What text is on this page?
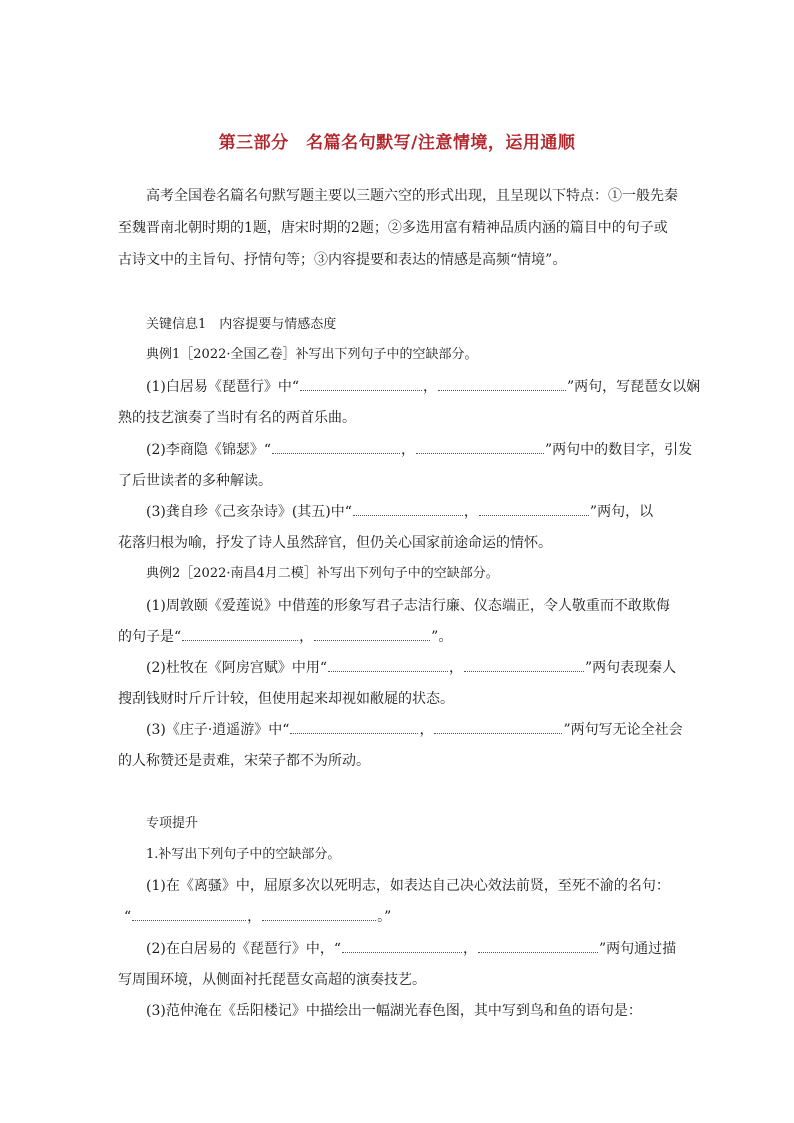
第三部分　名篇名句默写/注意情境，运用通顺
高考全国卷名篇名句默写题主要以三题六空的形式出现，且呈现以下特点：①一般先秦
至魏晋南北朝时期的1题，唐宋时期的2题；②多选用富有精神品质内涵的篇目中的句子或
古诗文中的主旨句、抒情句等；③内容提要和表达的情感是高频“情境”。
关键信息1　内容提要与情感态度
典例1［2022·全国乙卷］补写出下列句子中的空缺部分。
(1)白居易《琵琶行》中“	，	”两句，写琵琶女以娴
熟的技艺演奏了当时有名的两首乐曲。
(2)李商隐《锦瑟》“	，	”两句中的数目字，引发
了后世读者的多种解读。
(3)龚自珍《己亥杂诗》(其五)中“	，	”两句，以
花落归根为喻，抒发了诗人虽然辞官，但仍关心国家前途命运的情怀。
典例2［2022·南昌4月二模］补写出下列句子中的空缺部分。
(1)周敦颐《爱莲说》中借莲的形象写君子志洁行廉、仪态端正，令人敬重而不敢欺侮
的句子是“	，	”。
(2)杜牧在《阿房宫赋》中用“	，	”两句表现秦人
搜刮钱财时斤斤计较，但使用起来却视如敝屣的状态。
(3)《庄子·逍遥游》中“	，	”两句写无论全社会
的人称赞还是责难，宋荣子都不为所动。
专项提升
1.补写出下列句子中的空缺部分。
(1)在《离骚》中，屈原多次以死明志，如表达自己决心效法前贤，至死不渝的名句：
“	，	。”
(2)在白居易的《琵琶行》中，“	，	”两句通过描
写周围环境，从侧面衬托琵琶女高超的演奏技艺。
(3)范仲淹在《岳阳楼记》中描绘出一幅湖光春色图，其中写到鸟和鱼的语句是：
